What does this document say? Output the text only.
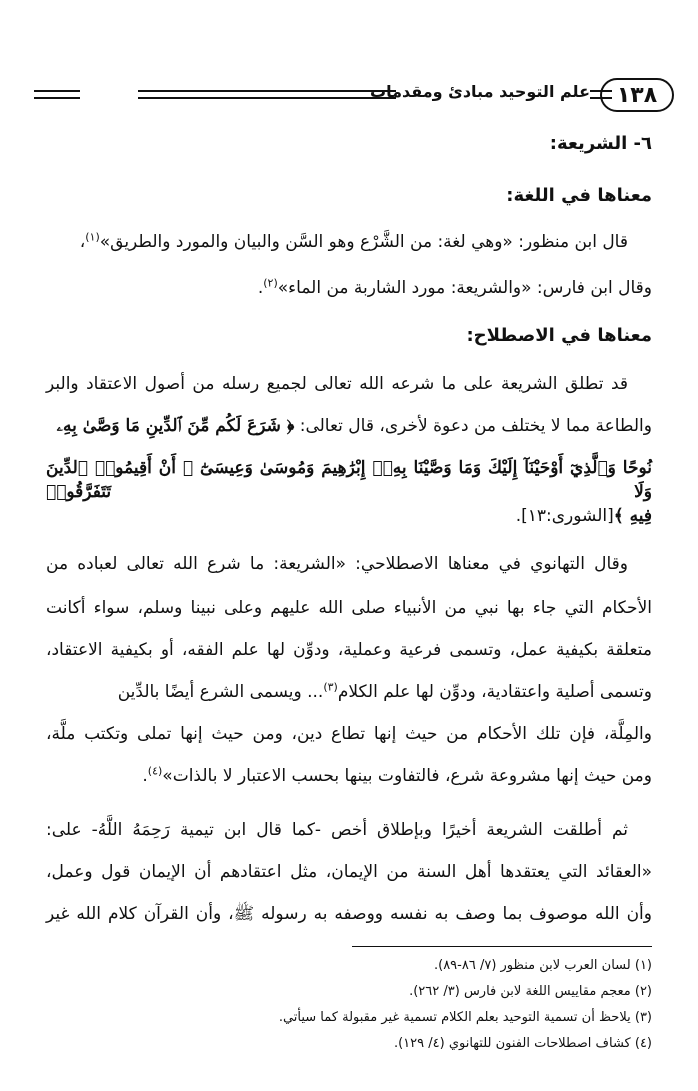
١٣٨
علم التوحيد مبادئ ومقدمات
٦- الشريعة:
معناها في اللغة:
قال ابن منظور: «وهي لغة: من الشَّرْع وهو السَّن والبيان والمورد والطريق»$^{(١)}$،
وقال ابن فارس: «والشريعة: مورد الشاربة من الماء»$^{(٢)}$.
معناها في الاصطلاح:
قد تطلق الشريعة على ما شرعه الله تعالى لجميع رسله من أصول الاعتقاد والبر
والطاعة مما لا يختلف من دعوة لأخرى، قال تعالى: ﴿ شَرَعَ لَكُم مِّنَ ٱلدِّينِ مَا وَصَّىٰ بِهِۦ
نُوحًا وَٱلَّذِيٓ أَوْحَيْنَآ إِلَيْكَ وَمَا وَصَّيْنَا بِهِۦٓ إِبْرَٰهِيمَ وَمُوسَىٰ وَعِيسَىٰٓ ۖ أَنْ أَقِيمُوا۟ ٱلدِّينَ وَلَا تَتَفَرَّقُوا۟
فِيهِ ﴾[الشورى:١٣].
وقال التهانوي في معناها الاصطلاحي: «الشريعة: ما شرع الله تعالى لعباده من
الأحكام التي جاء بها نبي من الأنبياء صلى الله عليهم وعلى نبينا وسلم، سواء أكانت
متعلقة بكيفية عمل، وتسمى فرعية وعملية، ودوِّن لها علم الفقه، أو بكيفية الاعتقاد،
وتسمى أصلية واعتقادية، ودوِّن لها علم الكلام$^{(٣)}$... ويسمى الشرع أيضًا بالدِّين
والمِلَّة، فإن تلك الأحكام من حيث إنها تطاع دين، ومن حيث إنها تملى وتكتب ملَّة،
ومن حيث إنها مشروعة شرع، فالتفاوت بينها بحسب الاعتبار لا بالذات»$^{(٤)}$.
ثم أطلقت الشريعة أخيرًا وبإطلاق أخص -كما قال ابن تيمية رَحِمَهُ اللَّهُ- على:
«العقائد التي يعتقدها أهل السنة من الإيمان، مثل اعتقادهم أن الإيمان قول وعمل،
وأن الله موصوف بما وصف به نفسه ووصفه به رسوله ﷺ، وأن القرآن كلام الله غير
(١) لسان العرب لابن منظور (٧/ ٨٦-٨٩).
(٢) معجم مقاييس اللغة لابن فارس (٣/ ٢٦٢).
(٣) يلاحظ أن تسمية التوحيد بعلم الكلام تسمية غير مقبولة كما سيأتي.
(٤) كشاف اصطلاحات الفنون للتهانوي (٤/ ١٢٩).
